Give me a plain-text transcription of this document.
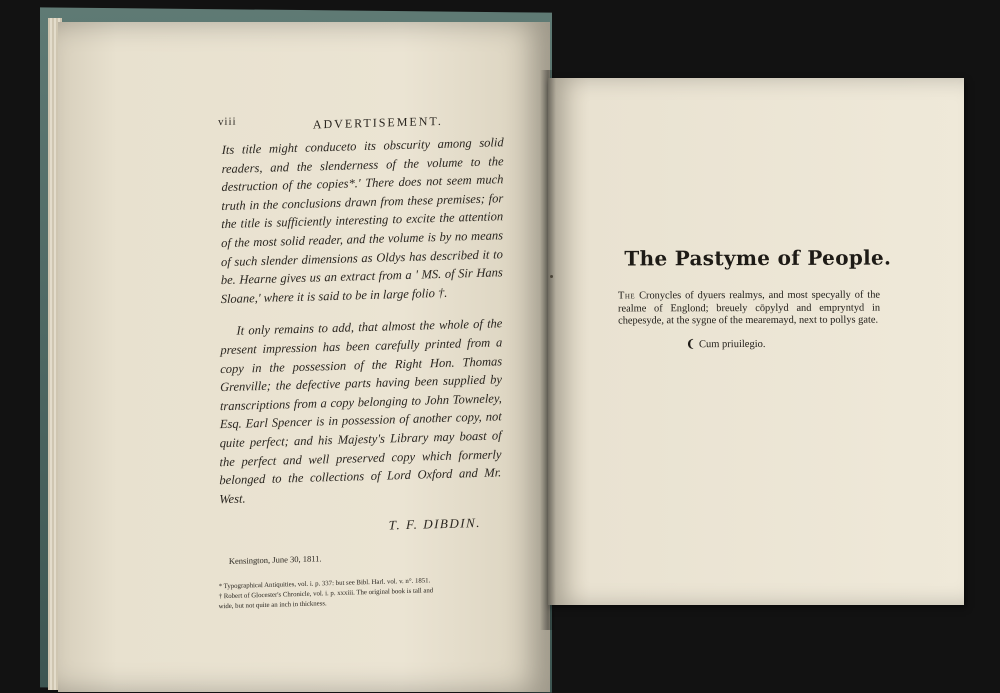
viii	ADVERTISEMENT.

Its title might conduceto its obscurity among solid readers, and the slenderness of the volume to the destruction of the copies*.' There does not seem much truth in the conclusions drawn from these premises; for the title is sufficiently interesting to excite the attention of the most solid reader, and the volume is by no means of such slender dimensions as Oldys has described it to be. Hearne gives us an extract from a ' MS. of Sir Hans Sloane,' where it is said to be in large folio †.

It only remains to add, that almost the whole of the present impression has been carefully printed from a copy in the possession of the Right Hon. Thomas Grenville; the defective parts having been supplied by transcriptions from a copy belonging to John Towneley, Esq. Earl Spencer is in possession of another copy, not quite perfect; and his Majesty's Library may boast of the perfect and well preserved copy which formerly belonged to the collections of Lord Oxford and Mr. West.

T. F. DIBDIN.
Kensington, June 30, 1811.
* Typographical Antiquities, vol. i. p. 337: but see Bibl. Harl. vol. v. n°. 1851.
† Robert of Glocester's Chronicle, vol. i. p. xxxiii. The original book is tall and
wide, but not quite an inch in thickness.
The Pastyme of People.
The Cronycles of dyuers realmys, and most specyally of the realme of Englond; breuely cōpylyd and empryntyd in chepesyde, at the sygne of the mearemayd, next to pollys gate.
❨ Cum priuilegio.
